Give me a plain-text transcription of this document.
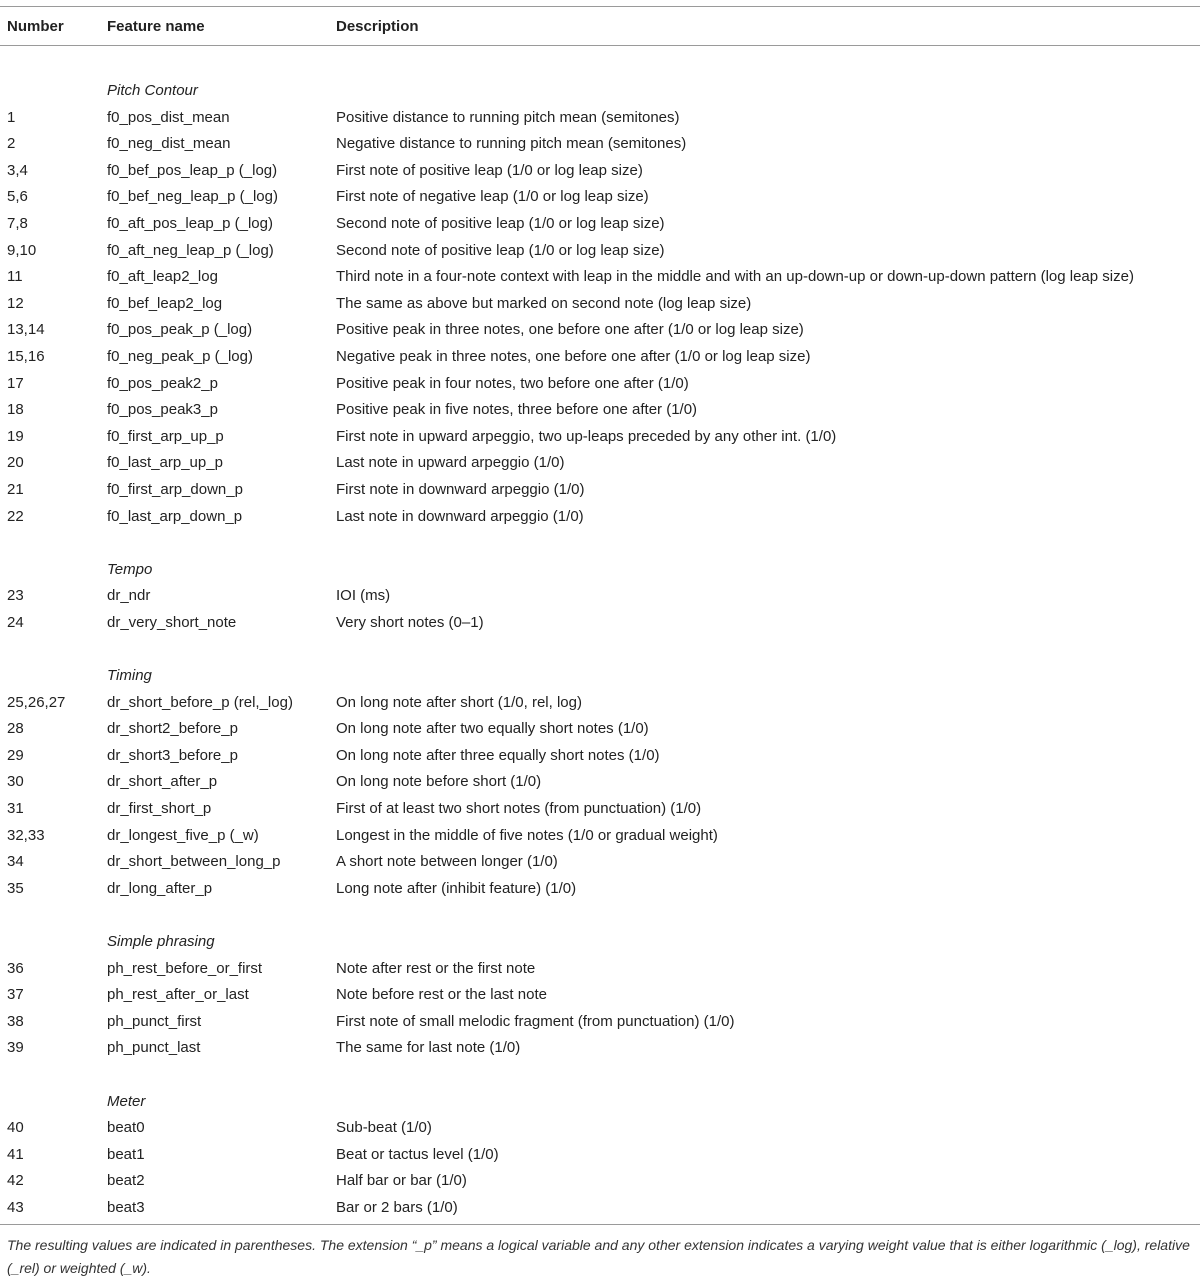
Number	Feature name	Description
Pitch Contour
1	f0_pos_dist_mean	Positive distance to running pitch mean (semitones)
2	f0_neg_dist_mean	Negative distance to running pitch mean (semitones)
3,4	f0_bef_pos_leap_p (_log)	First note of positive leap (1/0 or log leap size)
5,6	f0_bef_neg_leap_p (_log)	First note of negative leap (1/0 or log leap size)
7,8	f0_aft_pos_leap_p (_log)	Second note of positive leap (1/0 or log leap size)
9,10	f0_aft_neg_leap_p (_log)	Second note of positive leap (1/0 or log leap size)
11	f0_aft_leap2_log	Third note in a four-note context with leap in the middle and with an up-down-up or down-up-down pattern (log leap size)
12	f0_bef_leap2_log	The same as above but marked on second note (log leap size)
13,14	f0_pos_peak_p (_log)	Positive peak in three notes, one before one after (1/0 or log leap size)
15,16	f0_neg_peak_p (_log)	Negative peak in three notes, one before one after (1/0 or log leap size)
17	f0_pos_peak2_p	Positive peak in four notes, two before one after (1/0)
18	f0_pos_peak3_p	Positive peak in five notes, three before one after (1/0)
19	f0_first_arp_up_p	First note in upward arpeggio, two up-leaps preceded by any other int. (1/0)
20	f0_last_arp_up_p	Last note in upward arpeggio (1/0)
21	f0_first_arp_down_p	First note in downward arpeggio (1/0)
22	f0_last_arp_down_p	Last note in downward arpeggio (1/0)
Tempo
23	dr_ndr	IOI (ms)
24	dr_very_short_note	Very short notes (0–1)
Timing
25,26,27	dr_short_before_p (rel,_log)	On long note after short (1/0, rel, log)
28	dr_short2_before_p	On long note after two equally short notes (1/0)
29	dr_short3_before_p	On long note after three equally short notes (1/0)
30	dr_short_after_p	On long note before short (1/0)
31	dr_first_short_p	First of at least two short notes (from punctuation) (1/0)
32,33	dr_longest_five_p (_w)	Longest in the middle of five notes (1/0 or gradual weight)
34	dr_short_between_long_p	A short note between longer (1/0)
35	dr_long_after_p	Long note after (inhibit feature) (1/0)
Simple phrasing
36	ph_rest_before_or_first	Note after rest or the first note
37	ph_rest_after_or_last	Note before rest or the last note
38	ph_punct_first	First note of small melodic fragment (from punctuation) (1/0)
39	ph_punct_last	The same for last note (1/0)
Meter
40	beat0	Sub-beat (1/0)
41	beat1	Beat or tactus level (1/0)
42	beat2	Half bar or bar (1/0)
43	beat3	Bar or 2 bars (1/0)
The resulting values are indicated in parentheses. The extension “_p” means a logical variable and any other extension indicates a varying weight value that is either logarithmic (_log), relative (_rel) or weighted (_w).
